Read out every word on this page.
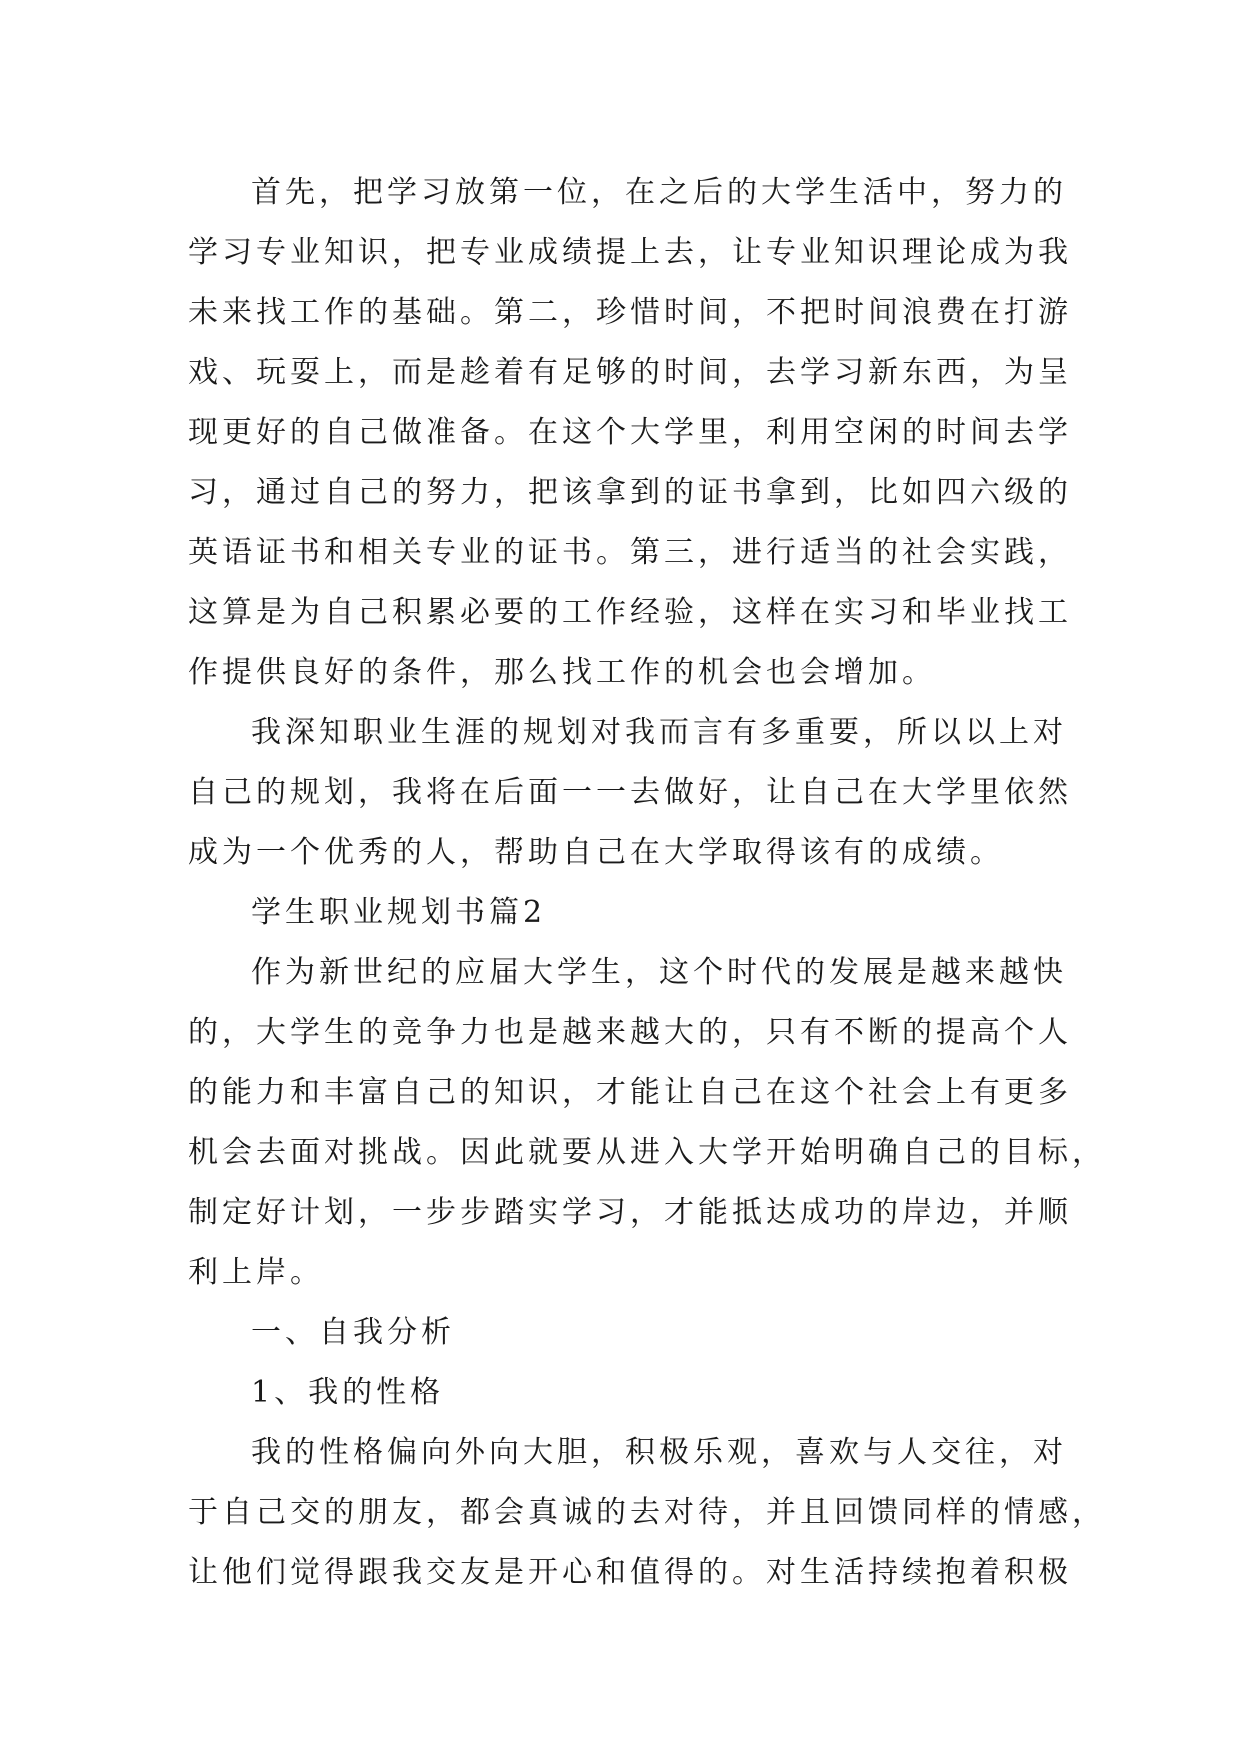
首先，把学习放第一位，在之后的大学生活中，努力的
学习专业知识，把专业成绩提上去，让专业知识理论成为我
未来找工作的基础。第二，珍惜时间，不把时间浪费在打游
戏、玩耍上，而是趁着有足够的时间，去学习新东西，为呈
现更好的自己做准备。在这个大学里，利用空闲的时间去学
习，通过自己的努力，把该拿到的证书拿到，比如四六级的
英语证书和相关专业的证书。第三，进行适当的社会实践，
这算是为自己积累必要的工作经验，这样在实习和毕业找工
作提供良好的条件，那么找工作的机会也会增加。
我深知职业生涯的规划对我而言有多重要，所以以上对
自己的规划，我将在后面一一去做好，让自己在大学里依然
成为一个优秀的人，帮助自己在大学取得该有的成绩。
学生职业规划书篇2
作为新世纪的应届大学生，这个时代的发展是越来越快
的，大学生的竞争力也是越来越大的，只有不断的提高个人
的能力和丰富自己的知识，才能让自己在这个社会上有更多
机会去面对挑战。因此就要从进入大学开始明确自己的目标，
制定好计划，一步步踏实学习，才能抵达成功的岸边，并顺
利上岸。
一、自我分析
1、我的性格
我的性格偏向外向大胆，积极乐观，喜欢与人交往，对
于自己交的朋友，都会真诚的去对待，并且回馈同样的情感，
让他们觉得跟我交友是开心和值得的。对生活持续抱着积极
